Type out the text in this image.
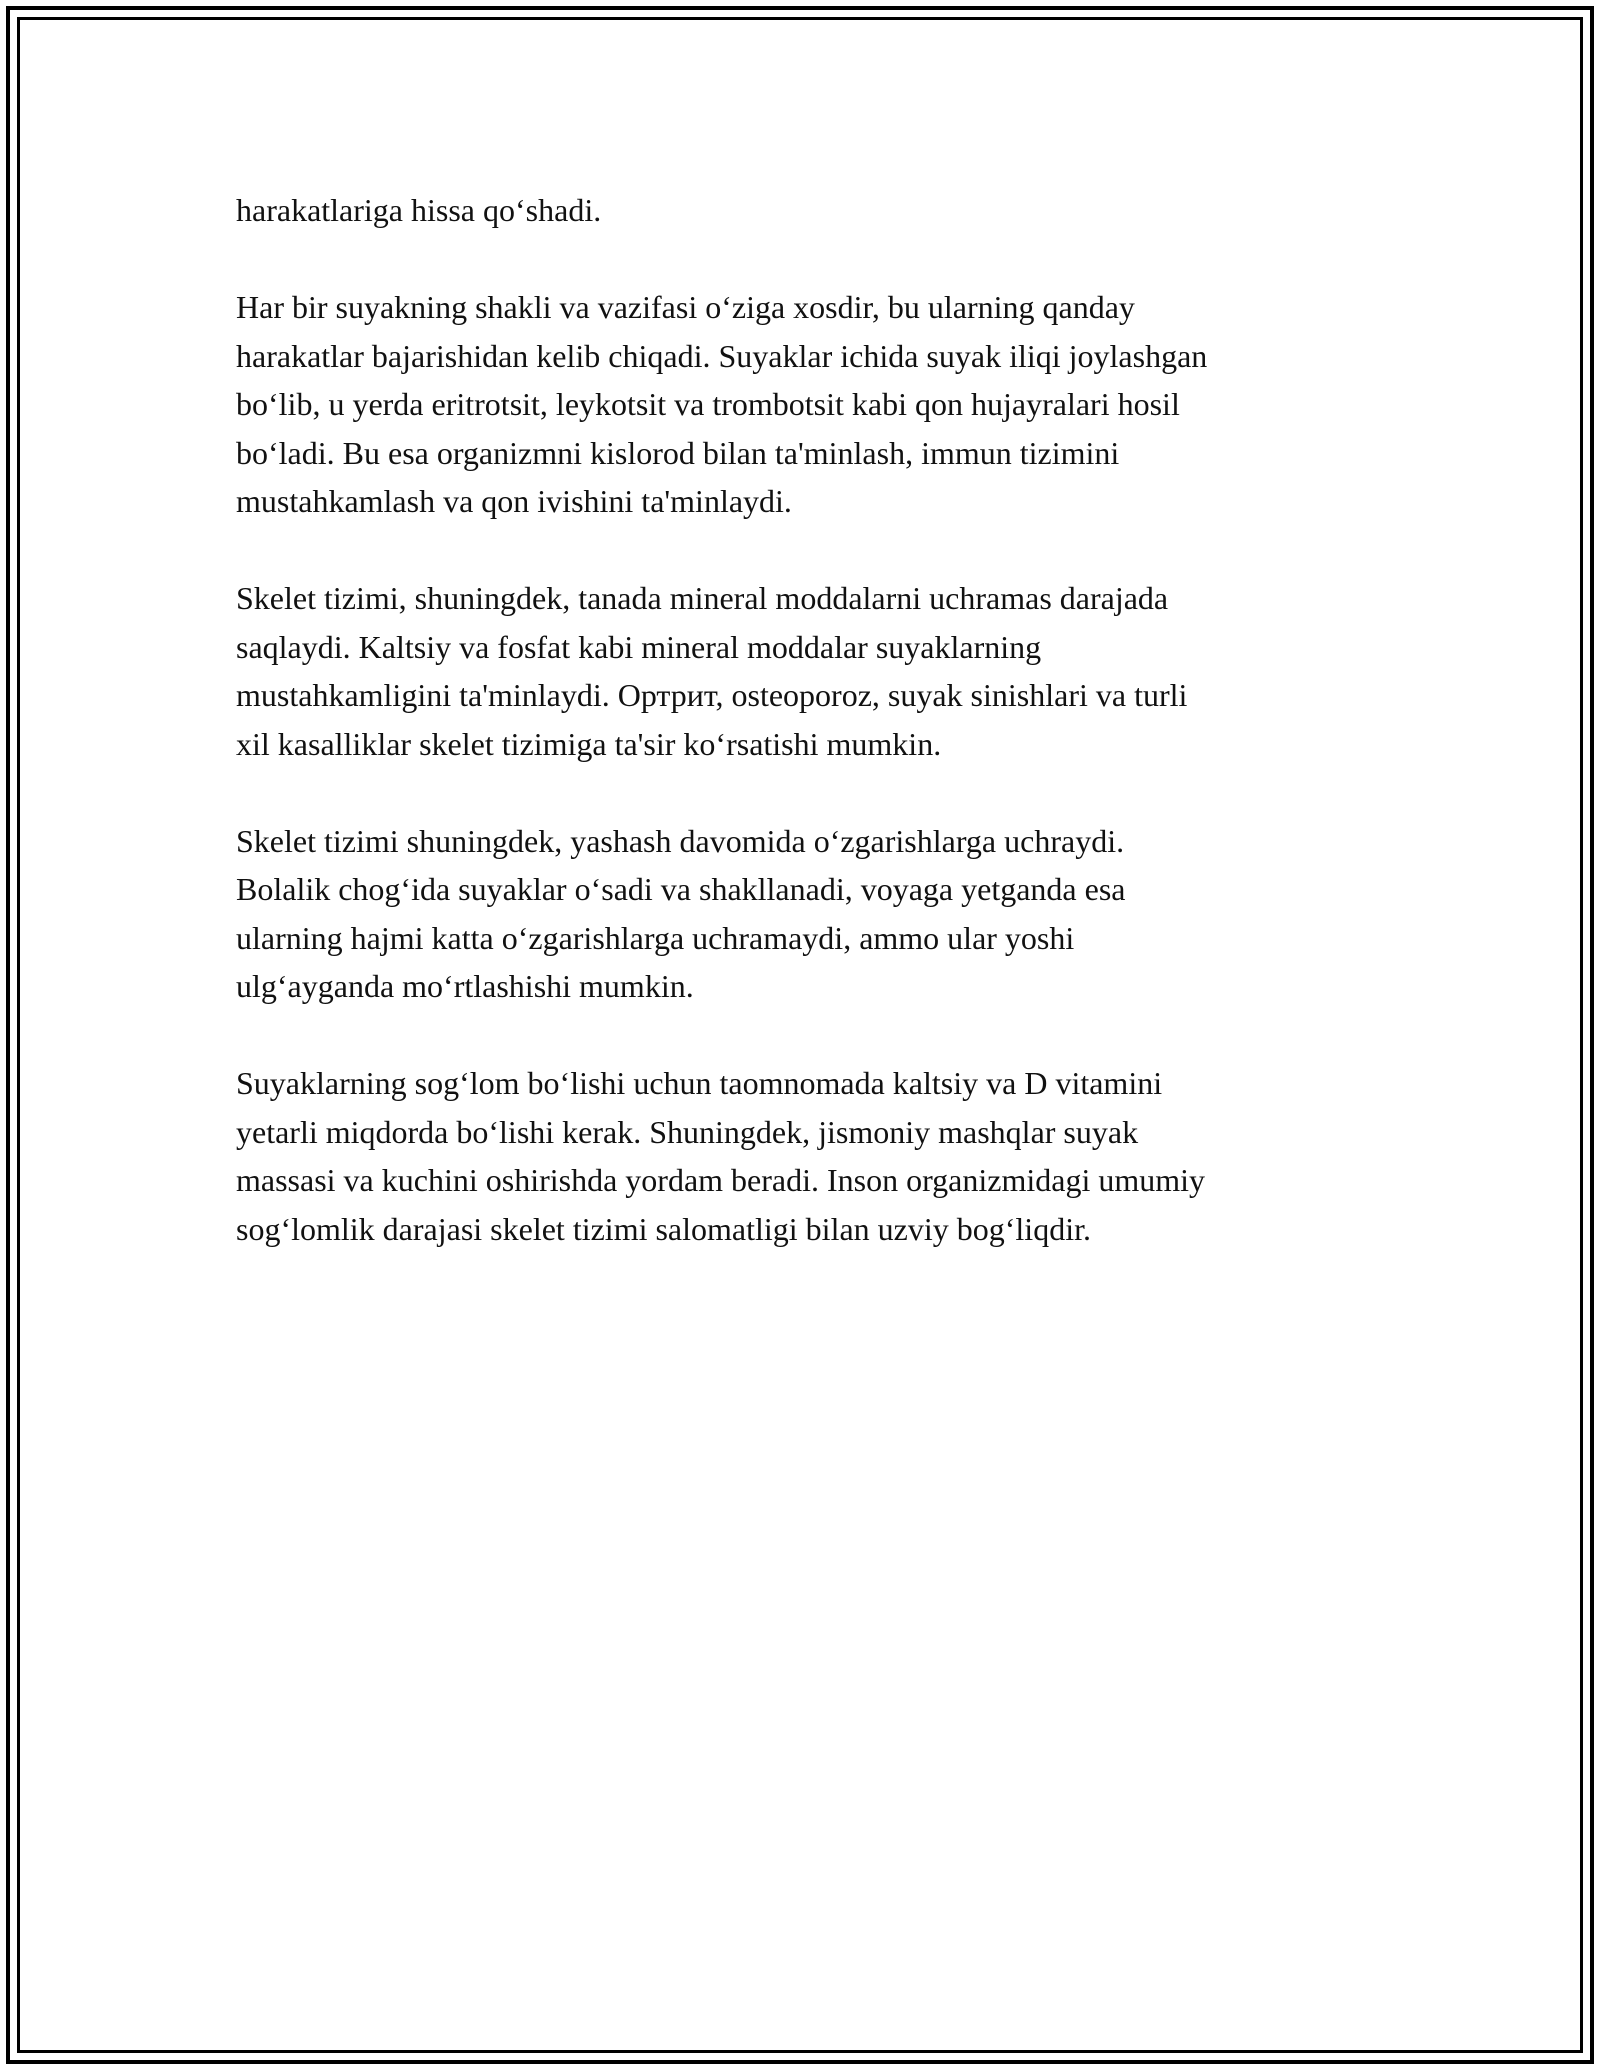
harakatlariga hissa qo‘shadi.

Har bir suyakning shakli va vazifasi o‘ziga xosdir, bu ularning qanday
harakatlar bajarishidan kelib chiqadi. Suyaklar ichida suyak iliqi joylashgan
bo‘lib, u yerda eritrotsit, leykotsit va trombotsit kabi qon hujayralari hosil
bo‘ladi. Bu esa organizmni kislorod bilan ta'minlash, immun tizimini
mustahkamlash va qon ivishini ta'minlaydi.

Skelet tizimi, shuningdek, tanada mineral moddalarni uchramas darajada
saqlaydi. Kaltsiy va fosfat kabi mineral moddalar suyaklarning
mustahkamligini ta'minlaydi. Ортрит, osteoporoz, suyak sinishlari va turli
xil kasalliklar skelet tizimiga ta'sir ko‘rsatishi mumkin.

Skelet tizimi shuningdek, yashash davomida o‘zgarishlarga uchraydi.
Bolalik chog‘ida suyaklar o‘sadi va shakllanadi, voyaga yetganda esa
ularning hajmi katta o‘zgarishlarga uchramaydi, ammo ular yoshi
ulg‘ayganda mo‘rtlashishi mumkin.

Suyaklarning sog‘lom bo‘lishi uchun taomnomada kaltsiy va D vitamini
yetarli miqdorda bo‘lishi kerak. Shuningdek, jismoniy mashqlar suyak
massasi va kuchini oshirishda yordam beradi. Inson organizmidagi umumiy
sog‘lomlik darajasi skelet tizimi salomatligi bilan uzviy bog‘liqdir.
